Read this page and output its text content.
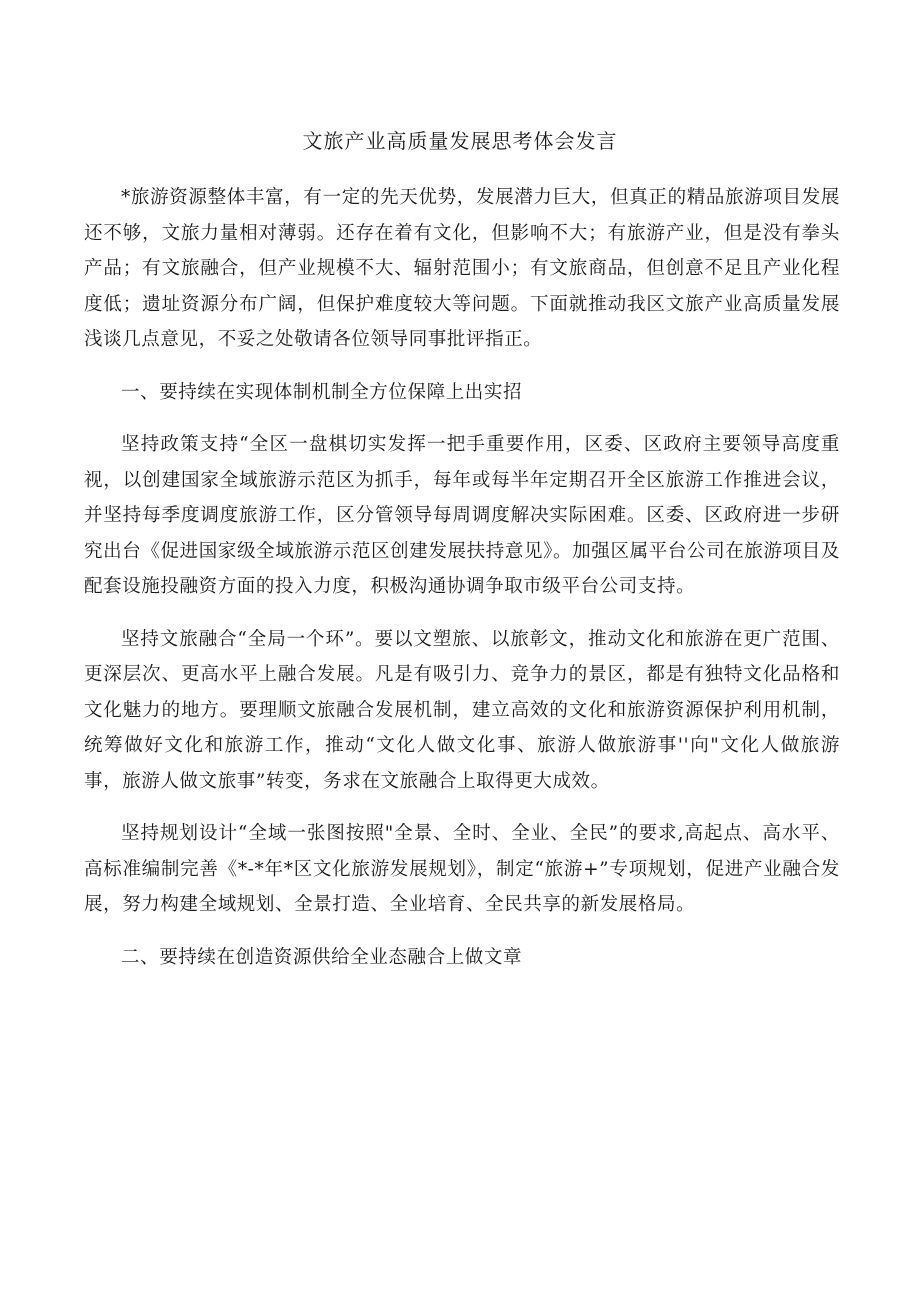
文旅产业高质量发展思考体会发言

*旅游资源整体丰富，有一定的先天优势，发展潜力巨大，但真正的精品旅游项目发展还不够，文旅力量相对薄弱。还存在着有文化，但影响不大；有旅游产业，但是没有拳头产品；有文旅融合，但产业规模不大、辐射范围小；有文旅商品，但创意不足且产业化程度低；遗址资源分布广阔，但保护难度较大等问题。下面就推动我区文旅产业高质量发展浅谈几点意见，不妥之处敬请各位领导同事批评指正。

一、要持续在实现体制机制全方位保障上出实招

坚持政策支持“全区一盘棋切实发挥一把手重要作用，区委、区政府主要领导高度重视，以创建国家全域旅游示范区为抓手，每年或每半年定期召开全区旅游工作推进会议，并坚持每季度调度旅游工作，区分管领导每周调度解决实际困难。区委、区政府进一步研究出台《促进国家级全域旅游示范区创建发展扶持意见》。加强区属平台公司在旅游项目及配套设施投融资方面的投入力度，积极沟通协调争取市级平台公司支持。

坚持文旅融合“全局一个环”。要以文塑旅、以旅彰文，推动文化和旅游在更广范围、更深层次、更高水平上融合发展。凡是有吸引力、竞争力的景区，都是有独特文化品格和文化魅力的地方。要理顺文旅融合发展机制，建立高效的文化和旅游资源保护利用机制，统筹做好文化和旅游工作，推动“文化人做文化事、旅游人做旅游事''向"文化人做旅游事，旅游人做文旅事”转变，务求在文旅融合上取得更大成效。

坚持规划设计“全域一张图按照"全景、全时、全业、全民”的要求,高起点、高水平、高标准编制完善《*-*年*区文化旅游发展规划》，制定“旅游+”专项规划，促进产业融合发展，努力构建全域规划、全景打造、全业培育、全民共享的新发展格局。

二、要持续在创造资源供给全业态融合上做文章
